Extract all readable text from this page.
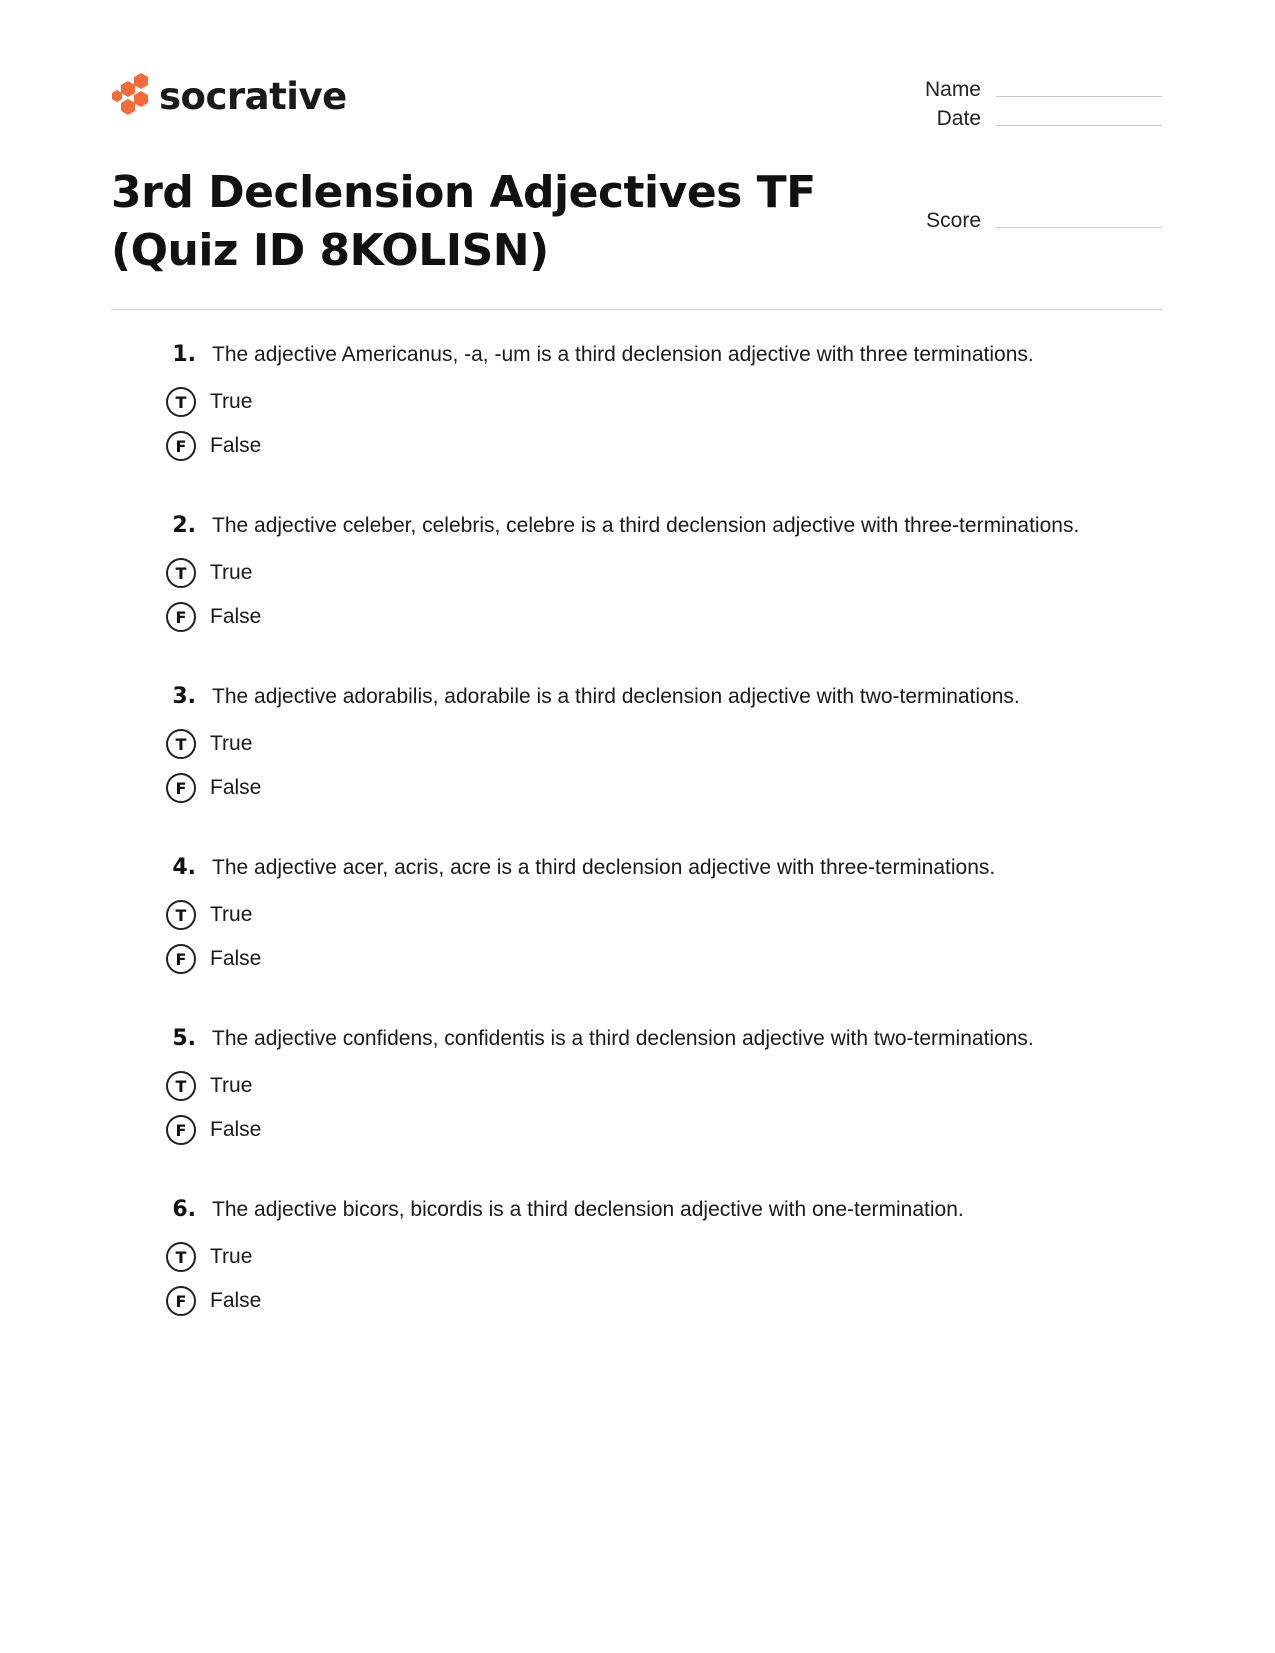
socrative
3rd Declension Adjectives TF
(Quiz ID 8KOLISN)
Name
Date
Score
1. The adjective Americanus, -a, -um is a third declension adjective with three terminations.
T	True
F	False
2. The adjective celeber, celebris, celebre is a third declension adjective with three-terminations.
T	True
F	False
3. The adjective adorabilis, adorabile is a third declension adjective with two-terminations.
T	True
F	False
4. The adjective acer, acris, acre is a third declension adjective with three-terminations.
T	True
F	False
5. The adjective confidens, confidentis is a third declension adjective with two-terminations.
T	True
F	False
6. The adjective bicors, bicordis is a third declension adjective with one-termination.
T	True
F	False
